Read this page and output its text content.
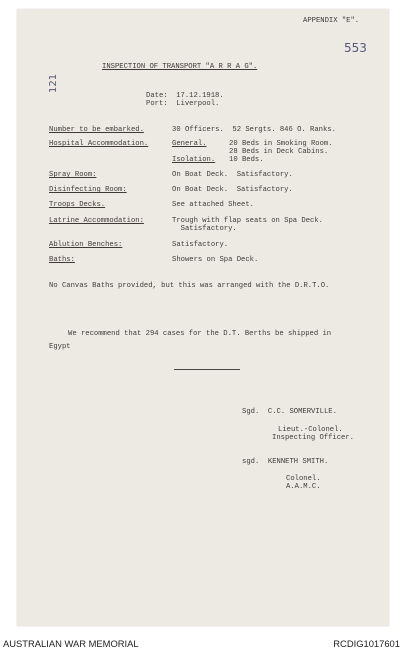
APPENDIX "E".
553
121
INSPECTION OF TRANSPORT "A R R A G".
Date:  17.12.1918.
Port:  Liverpool.
Number to be embarked.	30 Officers.  52 Sergts. 846 O. Ranks.
Hospital Accommodation.	General.	20 Beds in Smoking Room.
28 Beds in Deck Cabins.
Isolation. 10 Beds.
Spray Room:	On Boat Deck.  Satisfactory.
Disinfecting Room:	On Boat Deck.  Satisfactory.
Troops Decks.	See attached Sheet.
Latrine Accommodation:	Trough with flap seats on Spa Deck.
Satisfactory.
Ablution Benches:	Satisfactory.
Baths:	Showers on Spa Deck.
No Canvas Baths provided, but this was arranged with the D.R.T.O.
We recommend that 294 cases for the D.T. Berths be shipped in
Egypt
Sgd.  C.C. SOMERVILLE.
Lieut.-Colonel.
Inspecting Officer.
sgd.  KENNETH SMITH.
Colonel.
A.A.M.C.
AUSTRALIAN WAR MEMORIAL	RCDIG1017601
